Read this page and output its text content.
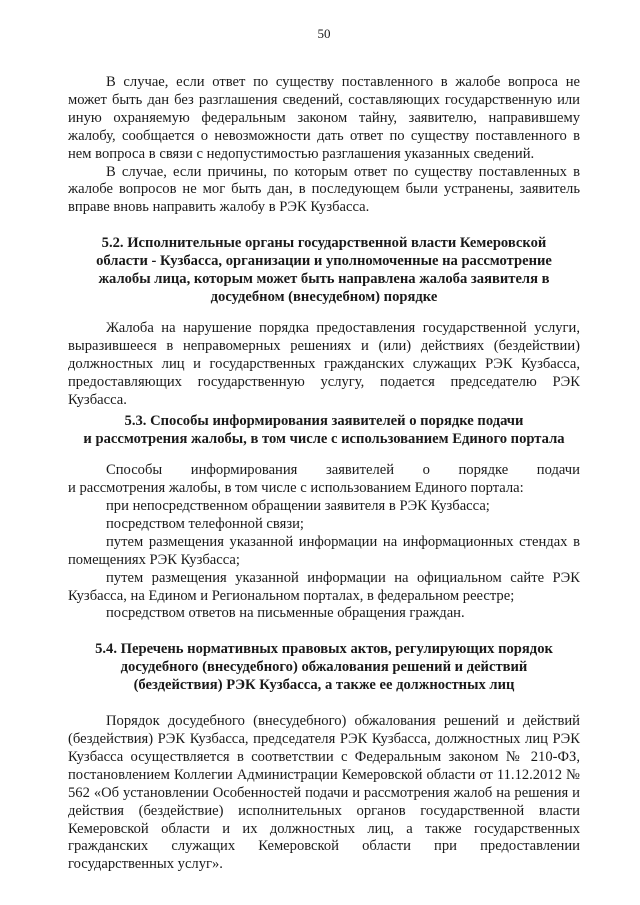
50

В случае, если ответ по существу поставленного в жалобе вопроса не может быть дан без разглашения сведений, составляющих государственную или иную охраняемую федеральным законом тайну, заявителю, направившему жалобу, сообщается о невозможности дать ответ по существу поставленного в нем вопроса в связи с недопустимостью разглашения указанных сведений.

В случае, если причины, по которым ответ по существу поставленных в жалобе вопросов не мог быть дан, в последующем были устранены, заявитель вправе вновь направить жалобу в РЭК Кузбасса.

5.2. Исполнительные органы государственной власти Кемеровской
области - Кузбасса, организации и уполномоченные на рассмотрение
жалобы лица, которым может быть направлена жалоба заявителя в
досудебном (внесудебном) порядке

Жалоба на нарушение порядка предоставления государственной услуги, выразившееся в неправомерных решениях и (или) действиях (бездействии) должностных лиц и государственных гражданских служащих РЭК Кузбасса, предоставляющих государственную услугу, подается председателю РЭК Кузбасса.

5.3. Способы информирования заявителей о порядке подачи
и рассмотрения жалобы, в том числе с использованием Единого портала
Способы информирования заявителей о порядке подачи

и рассмотрения жалобы, в том числе с использованием Единого портала:

при непосредственном обращении заявителя в РЭК Кузбасса;

посредством телефонной связи;

путем размещения указанной информации на информационных стендах в помещениях РЭК Кузбасса;

путем размещения указанной информации на официальном сайте РЭК Кузбасса, на Едином и Региональном порталах, в федеральном реестре;

посредством ответов на письменные обращения граждан.

5.4. Перечень нормативных правовых актов, регулирующих порядок
досудебного (внесудебного) обжалования решений и действий
(бездействия) РЭК Кузбасса, а также ее должностных лиц

Порядок досудебного (внесудебного) обжалования решений и действий (бездействия) РЭК Кузбасса, председателя РЭК Кузбасса, должностных лиц РЭК Кузбасса осуществляется в соответствии с Федеральным законом № 210-ФЗ, постановлением Коллегии Администрации Кемеровской области от 11.12.2012 № 562 «Об установлении Особенностей подачи и рассмотрения жалоб на решения и действия (бездействие) исполнительных органов государственной власти Кемеровской области и их должностных лиц, а также государственных гражданских служащих Кемеровской области при предоставлении государственных услуг».
